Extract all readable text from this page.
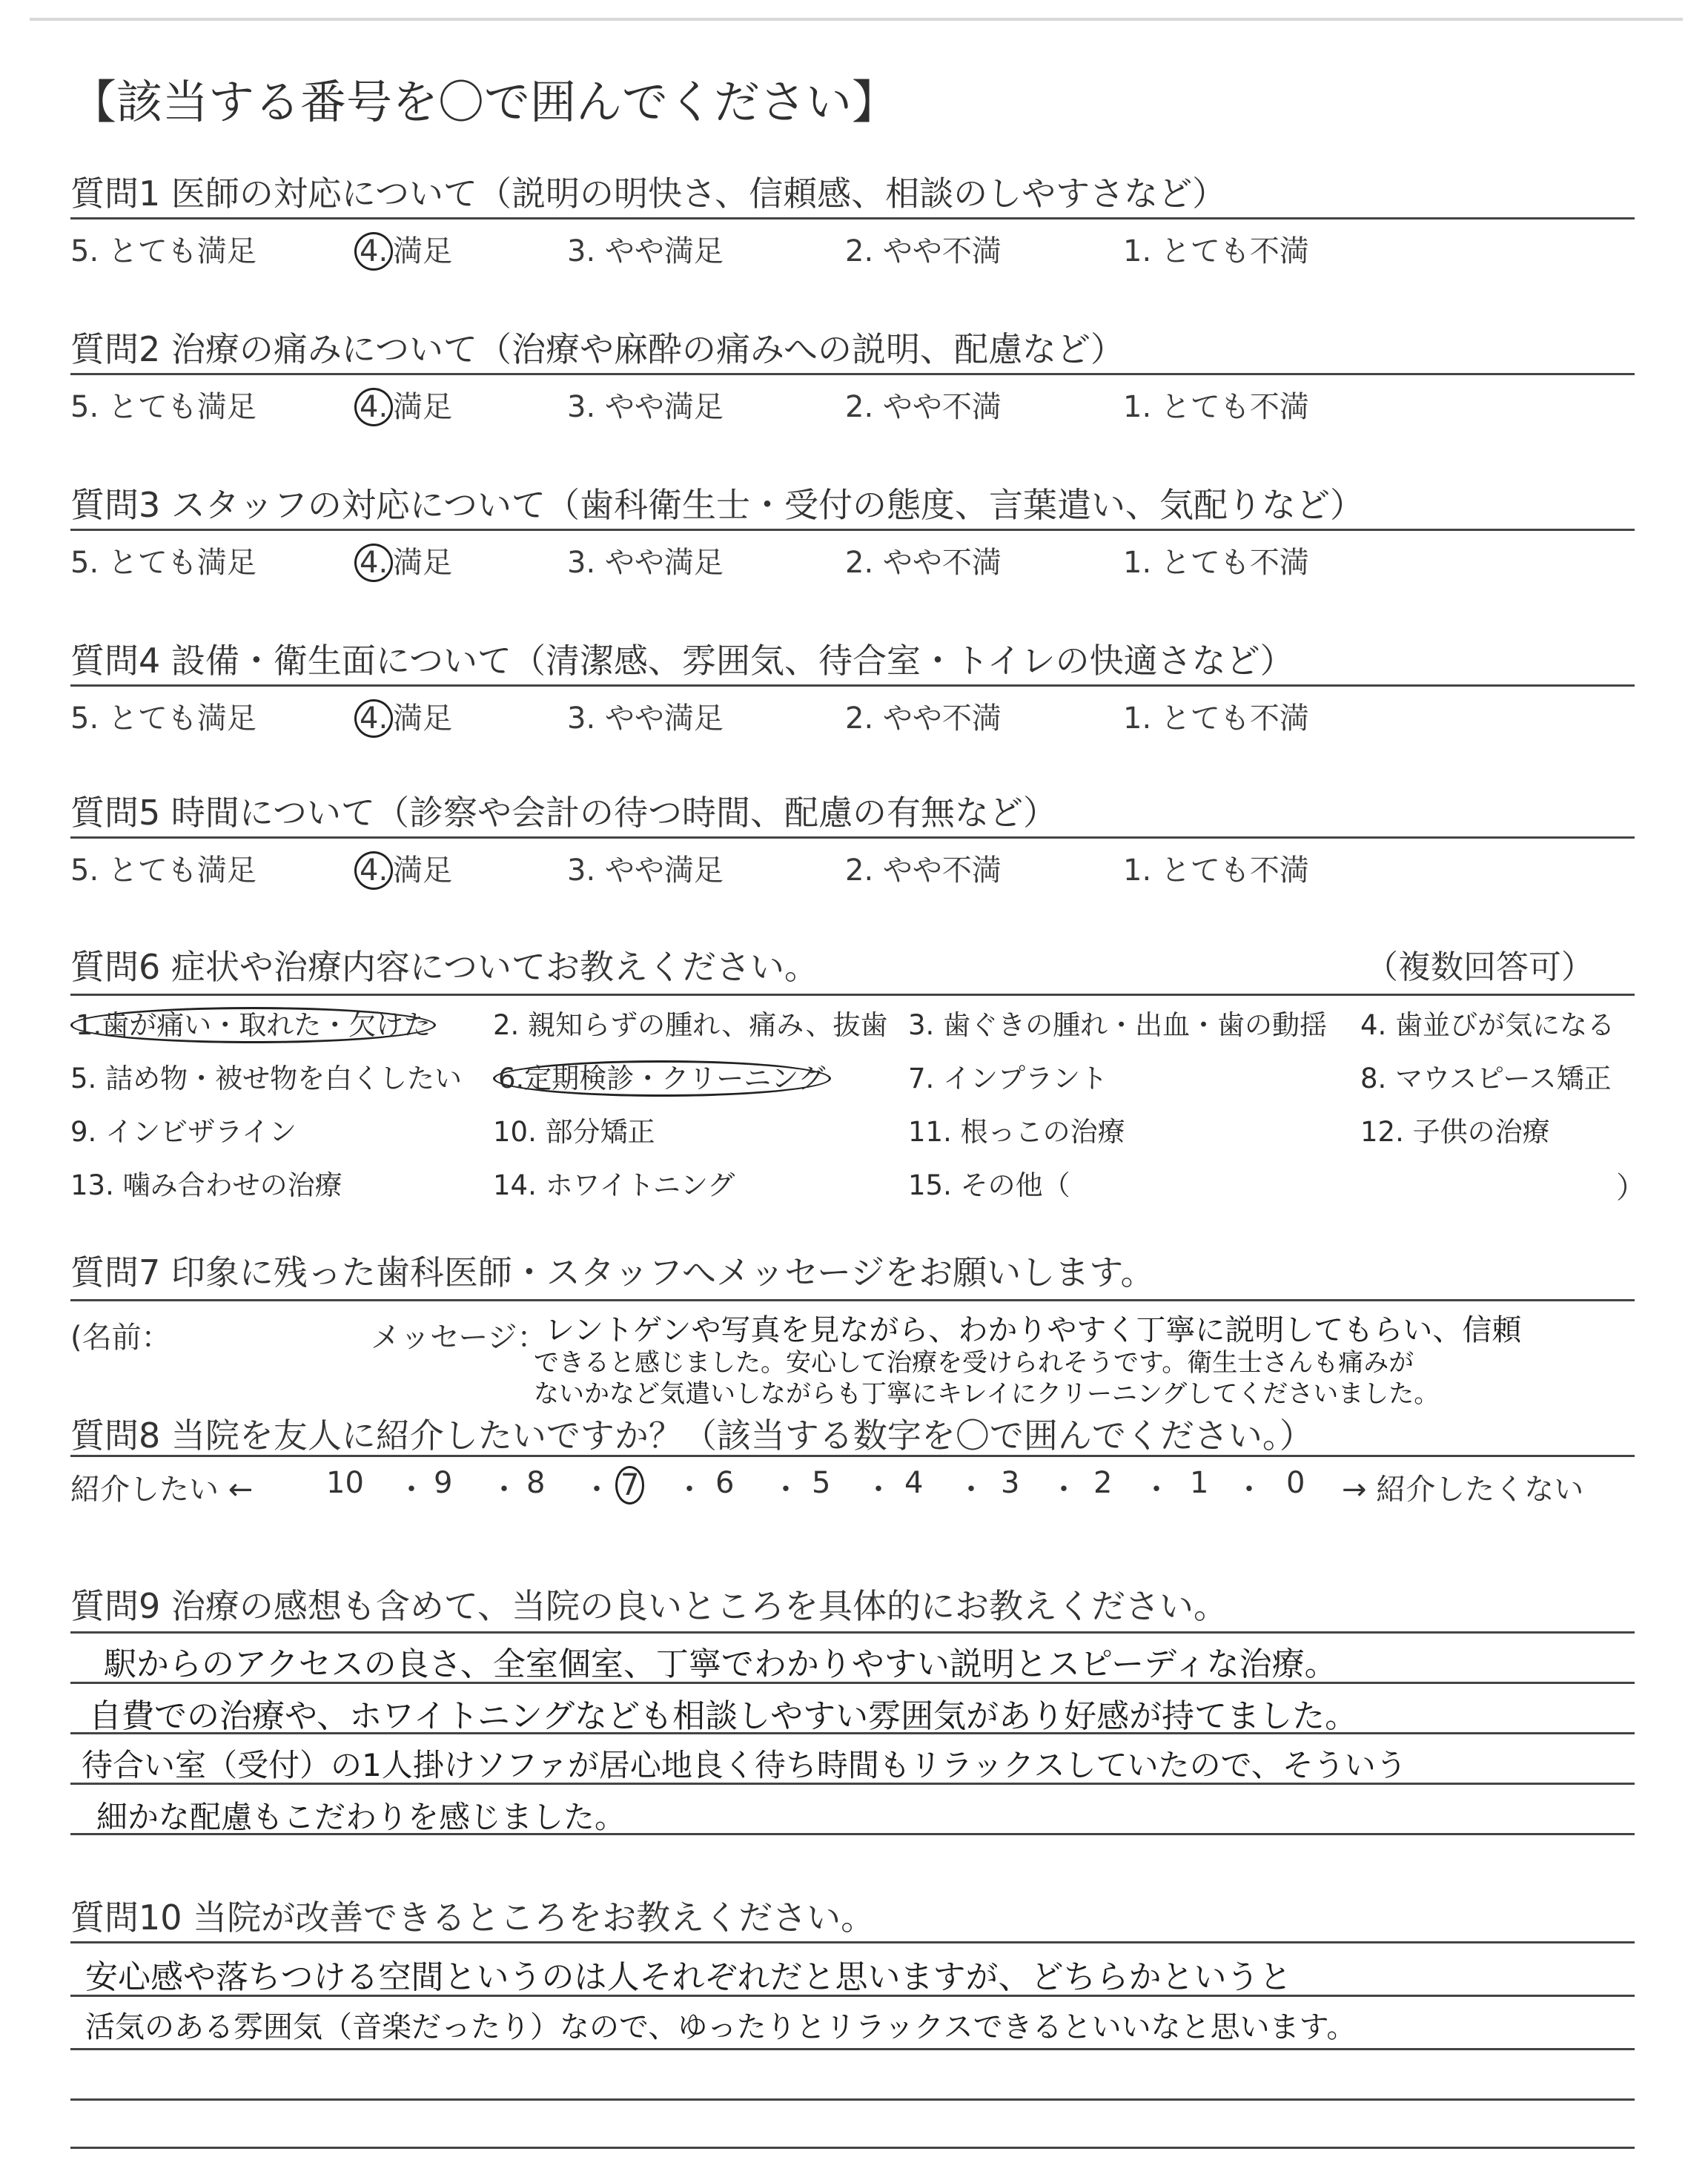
【該当する番号を〇で囲んでください】
質問1 医師の対応について（説明の明快さ、信頼感、相談のしやすさなど）
5. とても満足	4. 満足	3. やや満足	2. やや不満	1. とても不満
質問2 治療の痛みについて（治療や麻酔の痛みへの説明、配慮など）
5. とても満足	4. 満足	3. やや満足	2. やや不満	1. とても不満
質問3 スタッフの対応について（歯科衛生士・受付の態度、言葉遣い、気配りなど）
5. とても満足	4. 満足	3. やや満足	2. やや不満	1. とても不満
質問4 設備・衛生面について（清潔感、雰囲気、待合室・トイレの快適さなど）
5. とても満足	4. 満足	3. やや満足	2. やや不満	1. とても不満
質問5 時間について（診察や会計の待つ時間、配慮の有無など）
5. とても満足	4. 満足	3. やや満足	2. やや不満	1. とても不満
質問6 症状や治療内容についてお教えください。	（複数回答可）
1.歯が痛い・取れた・欠けた 2. 親知らずの腫れ、痛み、抜歯 3. 歯ぐきの腫れ・出血・歯の動揺 4. 歯並びが気になる
5. 詰め物・被せ物を白くしたい 6.定期検診・クリーニング	7. インプラント	8. マウスピース矯正
9. インビザライン	10. 部分矯正	11. 根っこの治療	12. 子供の治療
13. 噛み合わせの治療	14. ホワイトニング	15. その他（	）
質問7 印象に残った歯科医師・スタッフへメッセージをお願いします。
(名前：	メッセージ：
レントゲンや写真を見ながら、わかりやすく丁寧に説明してもらい、信頼
できると感じました。安心して治療を受けられそうです。衛生士さんも痛みが
ないかなど気遣いしながらも丁寧にキレイにクリーニングしてくださいました。
質問8 当院を友人に紹介したいですか？（該当する数字を〇で囲んでください。）
紹介したい ← 10 ・ 9 ・ 8 ・ 7 ・ 6 ・ 5 ・ 4 ・ 3 ・ 2 ・ 1 ・ 0 → 紹介したくない
質問9 治療の感想も含めて、当院の良いところを具体的にお教えください。
駅からのアクセスの良さ、全室個室、丁寧でわかりやすい説明とスピーディな治療。
自費での治療や、ホワイトニングなども相談しやすい雰囲気があり好感が持てました。
待合い室（受付）の1人掛けソファが居心地良く待ち時間もリラックスしていたので、そういう
細かな配慮もこだわりを感じました。
質問10 当院が改善できるところをお教えください。
安心感や落ちつける空間というのは人それぞれだと思いますが、どちらかというと
活気のある雰囲気（音楽だったり）なので、ゆったりとリラックスできるといいなと思います。
